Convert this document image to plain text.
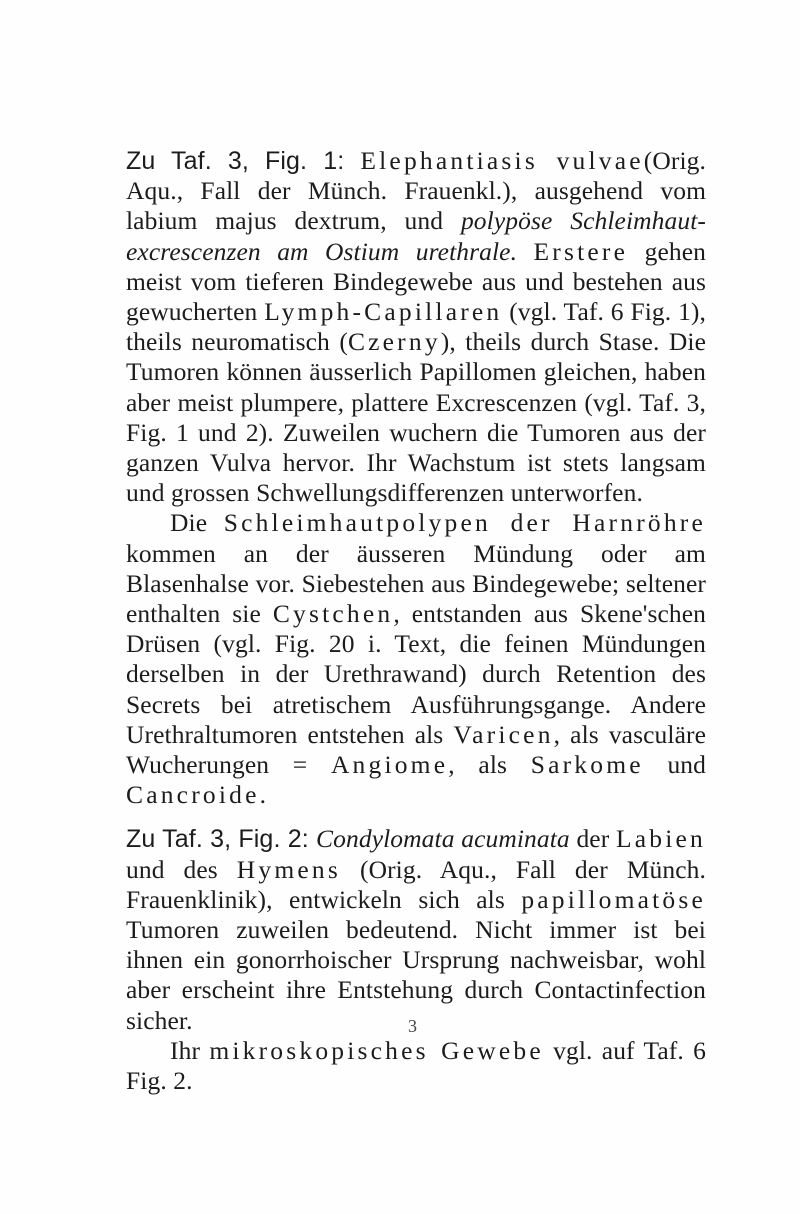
Zu Taf. 3, Fig. 1: Elephantiasis vulvae(Orig. Aqu., Fall der Münch. Frauenkl.), ausgehend vom labium majus dextrum, und polypöse Schleimhaut-excrescenzen am Ostium urethrale. Erstere gehen meist vom tieferen Bindegewebe aus und bestehen aus gewucherten Lymph-Capillaren (vgl. Taf. 6 Fig. 1), theils neuromatisch (Czerny), theils durch Stase. Die Tumoren können äusserlich Papillomen gleichen, haben aber meist plumpere, plattere Excrescenzen (vgl. Taf. 3, Fig. 1 und 2). Zuweilen wuchern die Tumoren aus der ganzen Vulva hervor. Ihr Wachstum ist stets langsam und grossen Schwellungsdifferenzen unterworfen.

Die Schleimhautpolypen der Harnröhre kommen an der äusseren Mündung oder am Blasenhalse vor. Siebestehen aus Bindegewebe; seltener enthalten sie Cystchen, entstanden aus Skene'schen Drüsen (vgl. Fig. 20 i. Text, die feinen Mündungen derselben in der Urethrawand) durch Retention des Secrets bei atretischem Ausführungsgange. Andere Urethraltumoren entstehen als Varicen, als vasculäre Wucherungen = Angiome, als Sarkome und Cancroide.

Zu Taf. 3, Fig. 2: Condylomata acuminata der Labien und des Hymens (Orig. Aqu., Fall der Münch. Frauenklinik), entwickeln sich als papillomatöse Tumoren zuweilen bedeutend. Nicht immer ist bei ihnen ein gonorrhoischer Ursprung nachweisbar, wohl aber erscheint ihre Entstehung durch Contactinfection sicher.

Ihr mikroskopisches Gewebe vgl. auf Taf. 6 Fig. 2.

3
